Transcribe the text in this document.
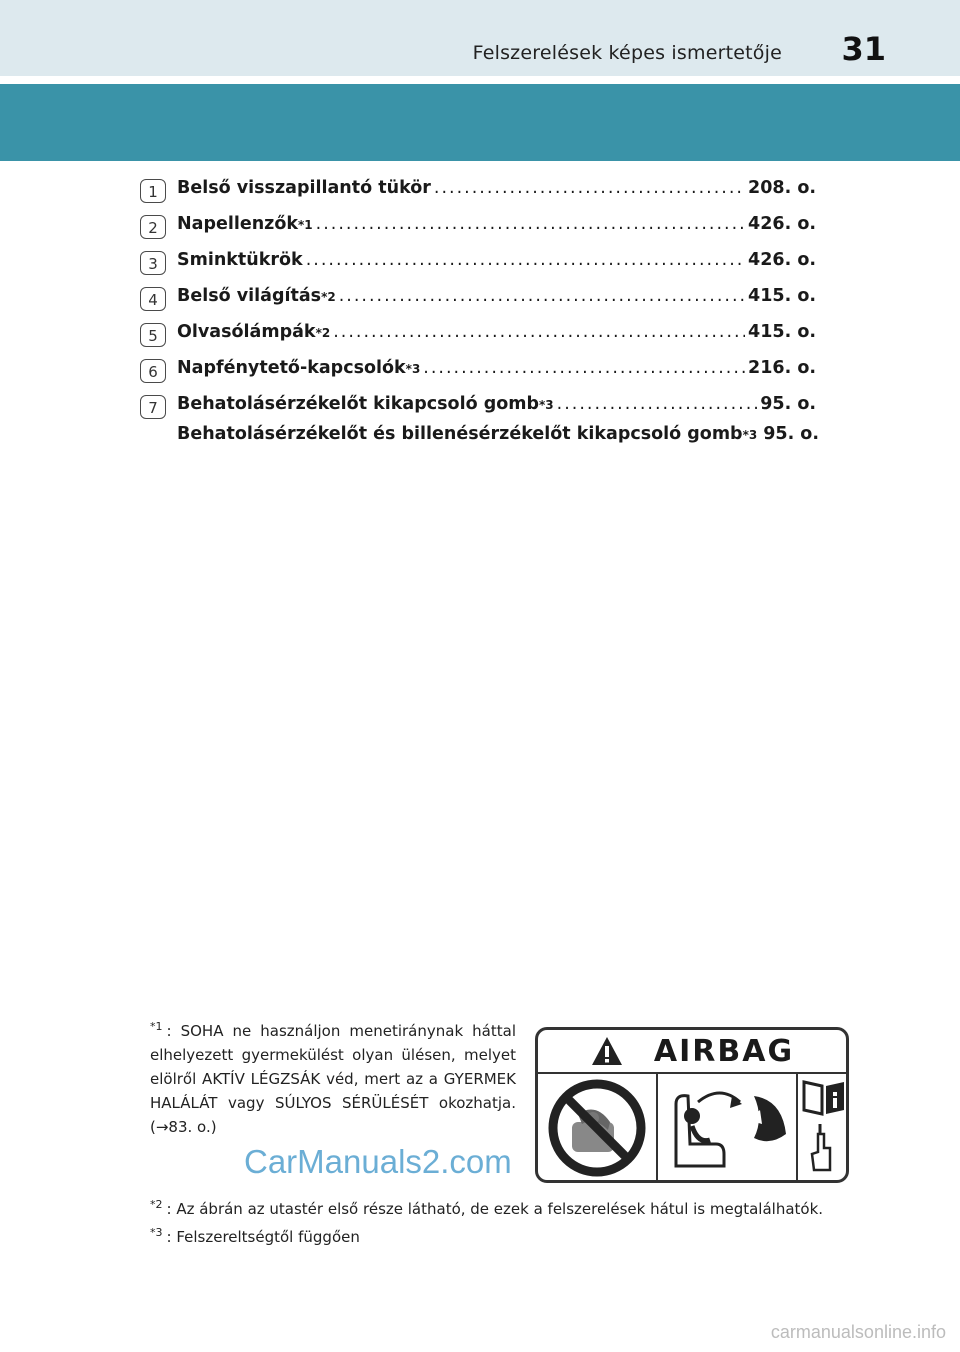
Felszerelések képes ismertetője 31
1	Belső visszapillantó tükör .....	208. o.
2	Napellenzők *1 .....	426. o.
3	Sminktükrök .....	426. o.
4	Belső világítás *2 .....	415. o.
5	Olvasólámpák *2 .....	415. o.
6	Napfénytető-kapcsolók *3 .....	216. o.
7	Behatolásérzékelőt kikapcsoló gomb *3 .....	95. o.
Behatolásérzékelőt és billenésérzékelőt kikapcsoló gomb *3 95. o.
$^{*1}$ : SOHA ne használjon menetiránynak háttal elhelyezett gyermekülést olyan ülésen, melyet elölről AKTÍV LÉGZSÁK véd, mert az a GYERMEK HALÁLÁT vagy SÚLYOS SÉRÜLÉSÉT okozhatja. (→83. o.)
AIRBAG
CarManuals2.com
$^{*2}$ : Az ábrán az utastér első része látható, de ezek a felszerelések hátul is megtalálhatók.
$^{*3}$ : Felszereltségtől függően
carmanualsonline.info
